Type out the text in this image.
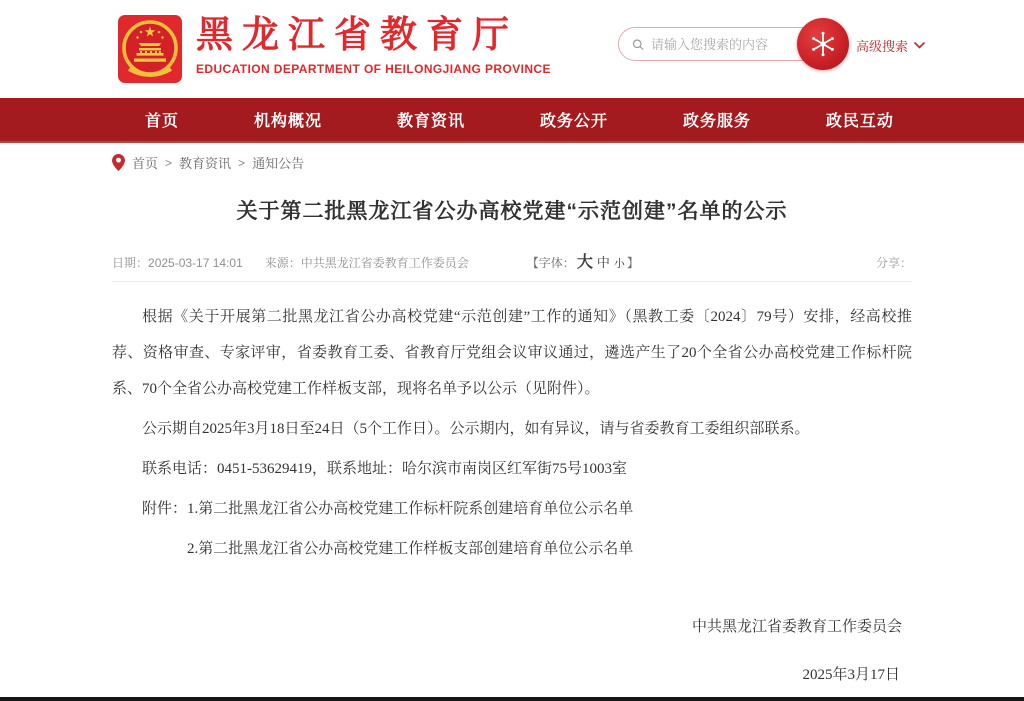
黑龙江省教育厅
EDUCATION DEPARTMENT OF HEILONGJIANG PROVINCE
请输入您搜索的内容
高级搜索
首页	机构概况	教育资讯	政务公开	政务服务	政民互动
首页 > 教育资讯 > 通知公告
关于第二批黑龙江省公办高校党建“示范创建”名单的公示
日期：2025-03-17 14:01 来源：中共黑龙江省委教育工作委员会	【字体： 大 中 小 】	分享：

根据《关于开展第二批黑龙江省公办高校党建“示范创建”工作的通知》（黑教工委〔2024〕79号）安排，经高校推荐、资格审查、专家评审，省委教育工委、省教育厅党组会议审议通过，遴选产生了20个全省公办高校党建工作标杆院系、70个全省公办高校党建工作样板支部，现将名单予以公示（见附件）。

公示期自2025年3月18日至24日（5个工作日）。公示期内，如有异议，请与省委教育工委组织部联系。

联系电话：0451-53629419，联系地址：哈尔滨市南岗区红军街75号1003室

附件：1.第二批黑龙江省公办高校党建工作标杆院系创建培育单位公示名单

2.第二批黑龙江省公办高校党建工作样板支部创建培育单位公示名单

中共黑龙江省委教育工作委员会
2025年3月17日
